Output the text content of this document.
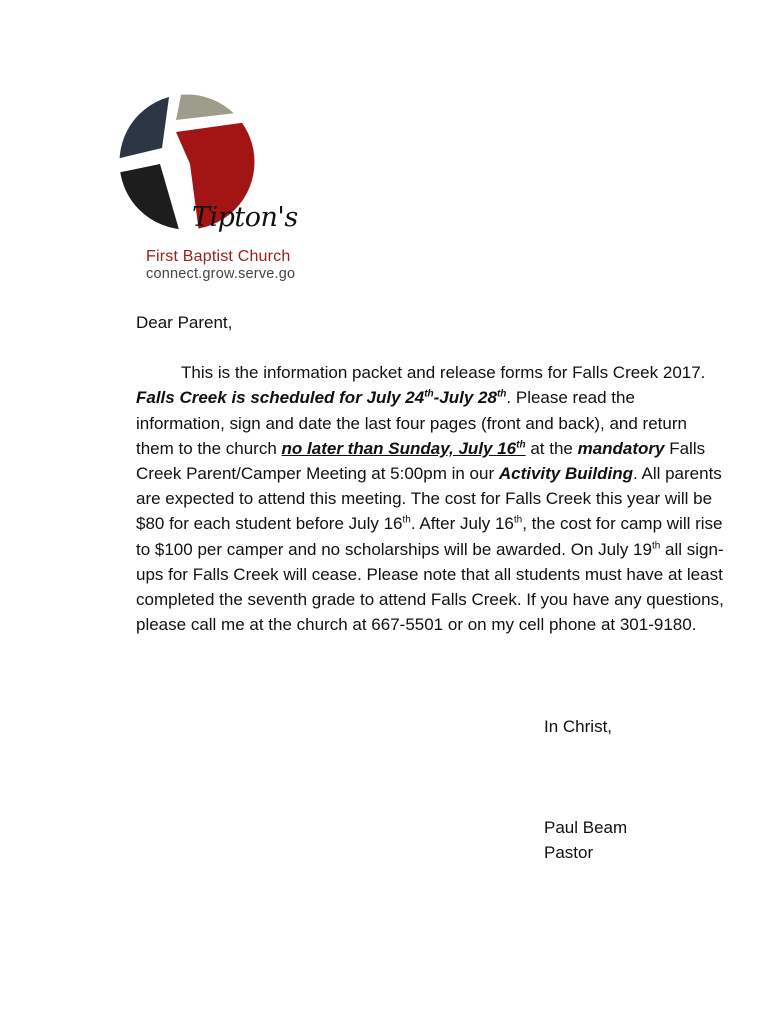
Tipton's
First Baptist Church
connect.grow.serve.go

Dear Parent,

This is the information packet and release forms for Falls Creek 2017. Falls Creek is scheduled for July 24th-July 28th. Please read the information, sign and date the last four pages (front and back), and return them to the church no later than Sunday, July 16th at the mandatory Falls Creek Parent/Camper Meeting at 5:00pm in our Activity Building. All parents are expected to attend this meeting. The cost for Falls Creek this year will be $80 for each student before July 16th. After July 16th, the cost for camp will rise to $100 per camper and no scholarships will be awarded. On July 19th all sign-ups for Falls Creek will cease. Please note that all students must have at least completed the seventh grade to attend Falls Creek. If you have any questions, please call me at the church at 667-5501 or on my cell phone at 301-9180.

In Christ,
Paul Beam
Pastor
